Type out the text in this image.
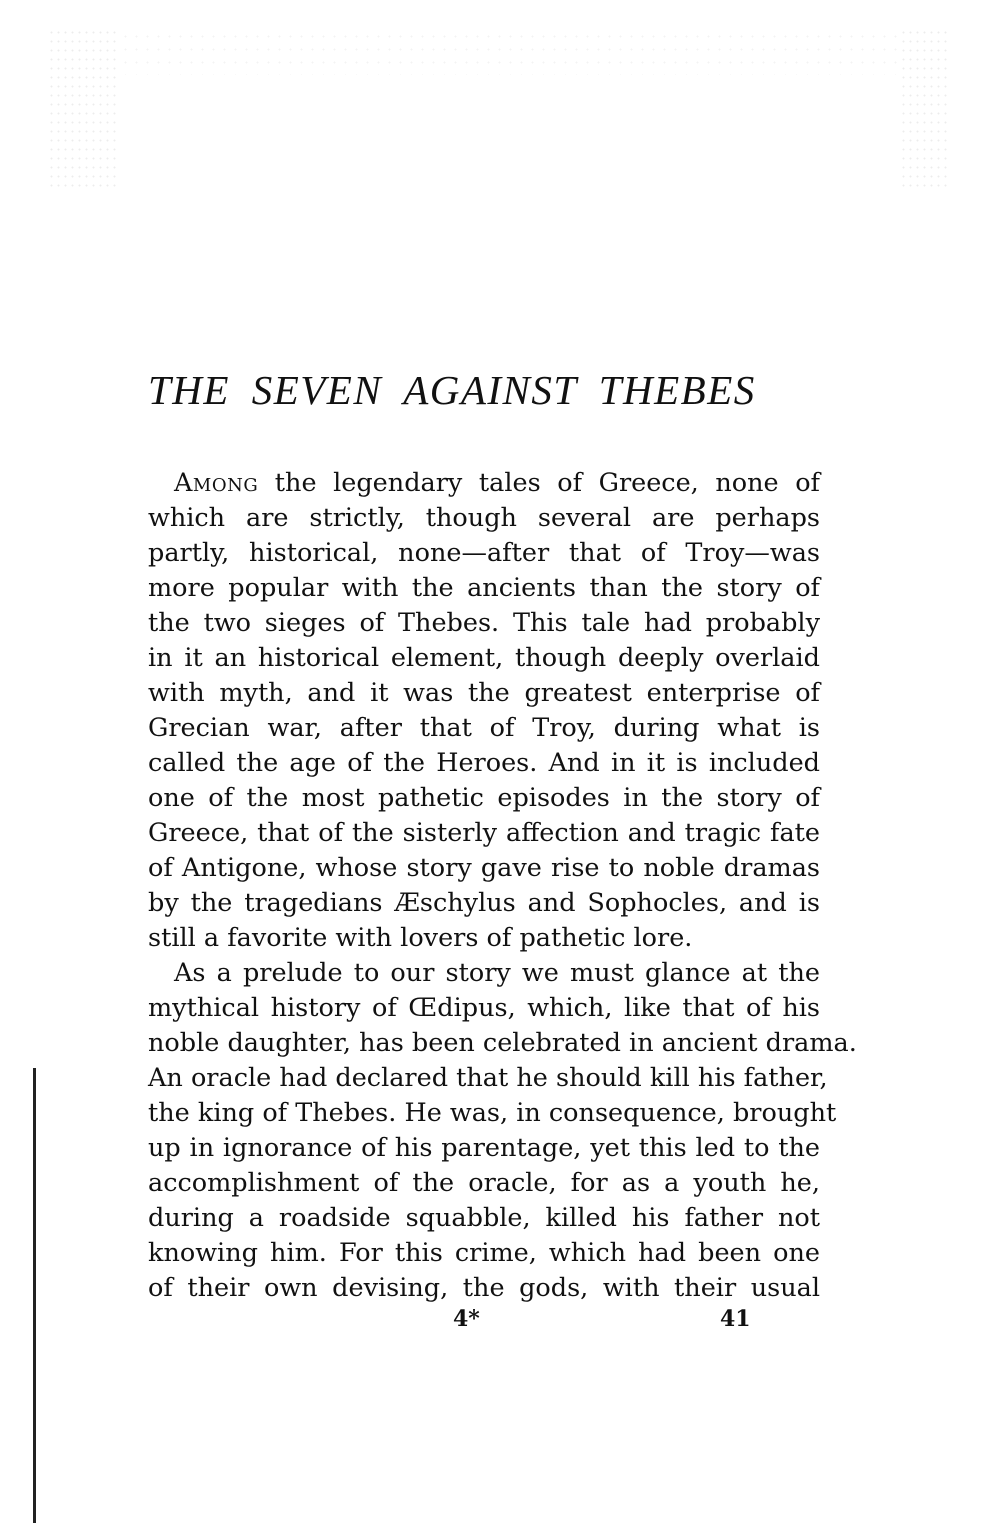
THE SEVEN AGAINST THEBES
Among the legendary tales of Greece, none of
which are strictly, though several are perhaps
partly, historical, none—after that of Troy—was
more popular with the ancients than the story of
the two sieges of Thebes. This tale had probably
in it an historical element, though deeply overlaid
with myth, and it was the greatest enterprise of
Grecian war, after that of Troy, during what is
called the age of the Heroes. And in it is included
one of the most pathetic episodes in the story of
Greece, that of the sisterly affection and tragic fate
of Antigone, whose story gave rise to noble dramas
by the tragedians Æschylus and Sophocles, and is
still a favorite with lovers of pathetic lore.
As a prelude to our story we must glance at the
mythical history of Œdipus, which, like that of his
noble daughter, has been celebrated in ancient drama.
An oracle had declared that he should kill his father,
the king of Thebes. He was, in consequence, brought
up in ignorance of his parentage, yet this led to the
accomplishment of the oracle, for as a youth he,
during a roadside squabble, killed his father not
knowing him. For this crime, which had been one
of their own devising, the gods, with their usual
4*	41
